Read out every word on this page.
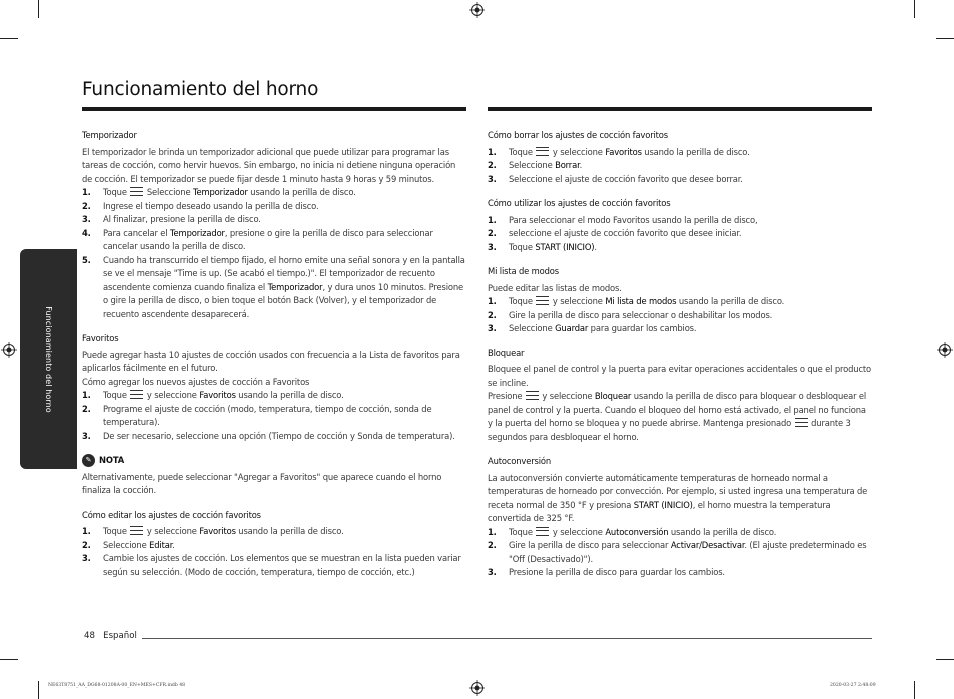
Funcionamiento del horno
Funcionamiento del horno
Temporizador

El temporizador le brinda un temporizador adicional que puede utilizar para programar las tareas de cocción, como hervir huevos. Sin embargo, no inicia ni detiene ninguna operación de cocción. El temporizador se puede fijar desde 1 minuto hasta 9 horas y 59 minutos.

1. Toque  Seleccione Temporizador usando la perilla de disco.
2. Ingrese el tiempo deseado usando la perilla de disco.
3. Al finalizar, presione la perilla de disco.
4. Para cancelar el Temporizador, presione o gire la perilla de disco para seleccionar cancelar usando la perilla de disco.
5. Cuando ha transcurrido el tiempo fijado, el horno emite una señal sonora y en la pantalla se ve el mensaje "Time is up. (Se acabó el tiempo.)". El temporizador de recuento ascendente comienza cuando finaliza el Temporizador, y dura unos 10 minutos. Presione o gire la perilla de disco, o bien toque el botón Back (Volver), y el temporizador de recuento ascendente desaparecerá.
Favoritos

Puede agregar hasta 10 ajustes de cocción usados con frecuencia a la Lista de favoritos para aplicarlos fácilmente en el futuro.

Cómo agregar los nuevos ajustes de cocción a Favoritos

1. Toque  y seleccione Favoritos usando la perilla de disco.
2. Programe el ajuste de cocción (modo, temperatura, tiempo de cocción, sonda de temperatura).
3. De ser necesario, seleccione una opción (Tiempo de cocción y Sonda de temperatura).
✎ NOTA

Alternativamente, puede seleccionar "Agregar a Favoritos" que aparece cuando el horno finaliza la cocción.

Cómo editar los ajustes de cocción favoritos
1. Toque  y seleccione Favoritos usando la perilla de disco.
2. Seleccione Editar.
3. Cambie los ajustes de cocción. Los elementos que se muestran en la lista pueden variar según su selección. (Modo de cocción, temperatura, tiempo de cocción, etc.)
Cómo borrar los ajustes de cocción favoritos
1. Toque  y seleccione Favoritos usando la perilla de disco.
2. Seleccione Borrar.
3. Seleccione el ajuste de cocción favorito que desee borrar.
Cómo utilizar los ajustes de cocción favoritos
1. Para seleccionar el modo Favoritos usando la perilla de disco,
2. seleccione el ajuste de cocción favorito que desee iniciar.
3. Toque START (INICIO).
Mi lista de modos

Puede editar las listas de modos.

1. Toque  y seleccione Mi lista de modos usando la perilla de disco.
2. Gire la perilla de disco para seleccionar o deshabilitar los modos.
3. Seleccione Guardar para guardar los cambios.
Bloquear

Bloquee el panel de control y la puerta para evitar operaciones accidentales o que el producto se incline.

Presione  y seleccione Bloquear usando la perilla de disco para bloquear o desbloquear el panel de control y la puerta. Cuando el bloqueo del horno está activado, el panel no funciona y la puerta del horno se bloquea y no puede abrirse. Mantenga presionado  durante 3 segundos para desbloquear el horno.

Autoconversión

La autoconversión convierte automáticamente temperaturas de horneado normal a temperaturas de horneado por convección. Por ejemplo, si usted ingresa una temperatura de receta normal de 350 °F y presiona START (INICIO), el horno muestra la temperatura convertida de 325 °F.

1. Toque  y seleccione Autoconversión usando la perilla de disco.
2. Gire la perilla de disco para seleccionar Activar/Desactivar. (El ajuste predeterminado es "Off (Desactivado)").
3. Presione la perilla de disco para guardar los cambios.
48 Español
NE63T8751_AA_DG68-01208A-00_EN+MES+CFR.indb 48	2020-03-27 2:48:09
